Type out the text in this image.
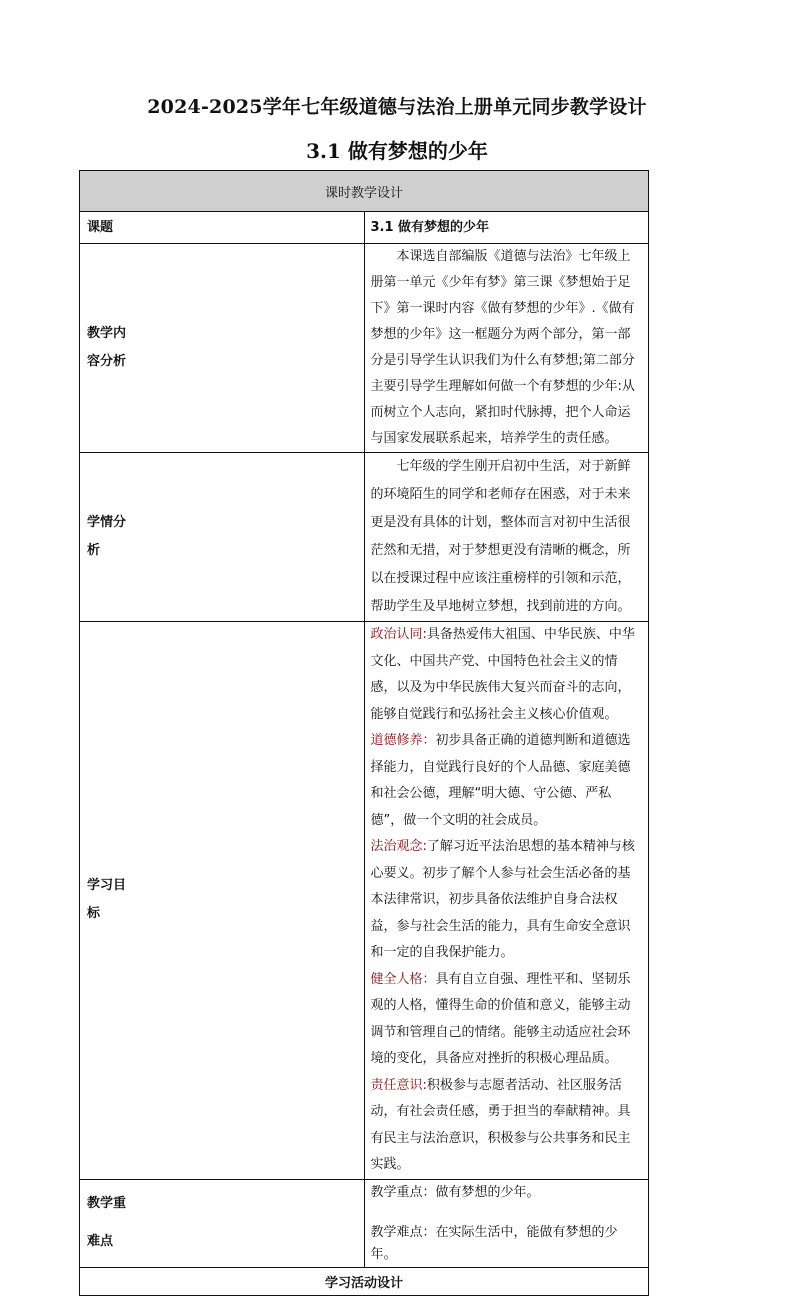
2024-2025学年七年级道德与法治上册单元同步教学设计
3.1 做有梦想的少年
课时教学设计	
课题	3.1 做有梦想的少年

教学内容分析	本课选自部编版《道德与法治》七年级上册第一单元《少年有梦》第三课《梦想始于足下》第一课时内容《做有梦想的少年》.《做有梦想的少年》这一框题分为两个部分，第一部分是引导学生认识我们为什么有梦想;第二部分主要引导学生理解如何做一个有梦想的少年:从而树立个人志向，紧扣时代脉搏，把个人命运与国家发展联系起来，培养学生的责任感。

学情分析	七年级的学生刚开启初中生活，对于新鲜的环境陌生的同学和老师存在困惑，对于未来更是没有具体的计划，整体而言对初中生活很茫然和无措，对于梦想更没有清晰的概念，所以在授课过程中应该注重榜样的引领和示范，帮助学生及早地树立梦想，找到前进的方向。

学习目标	政治认同:具备热爱伟大祖国、中华民族、中华文化、中国共产党、中国特色社会主义的情感，以及为中华民族伟大复兴而奋斗的志向，能够自觉践行和弘扬社会主义核心价值观。

道德修养：初步具备正确的道德判断和道德选择能力，自觉践行良好的个人品德、家庭美德和社会公德，理解“明大德、守公德、严私德”，做一个文明的社会成员。

法治观念:了解习近平法治思想的基本精神与核心要义。初步了解个人参与社会生活必备的基本法律常识，初步具备依法维护自身合法权益，参与社会生活的能力，具有生命安全意识和一定的自我保护能力。

健全人格：具有自立自强、理性平和、坚韧乐观的人格，懂得生命的价值和意义，能够主动调节和管理自己的情绪。能够主动适应社会环境的变化，具备应对挫折的积极心理品质。

责任意识:积极参与志愿者活动、社区服务活动，有社会责任感，勇于担当的奉献精神。具有民主与法治意识，积极参与公共事务和民主实践。

教学重难点	教学重点：做有梦想的少年。
教学难点：在实际生活中，能做有梦想的少年。

学习活动设计	
